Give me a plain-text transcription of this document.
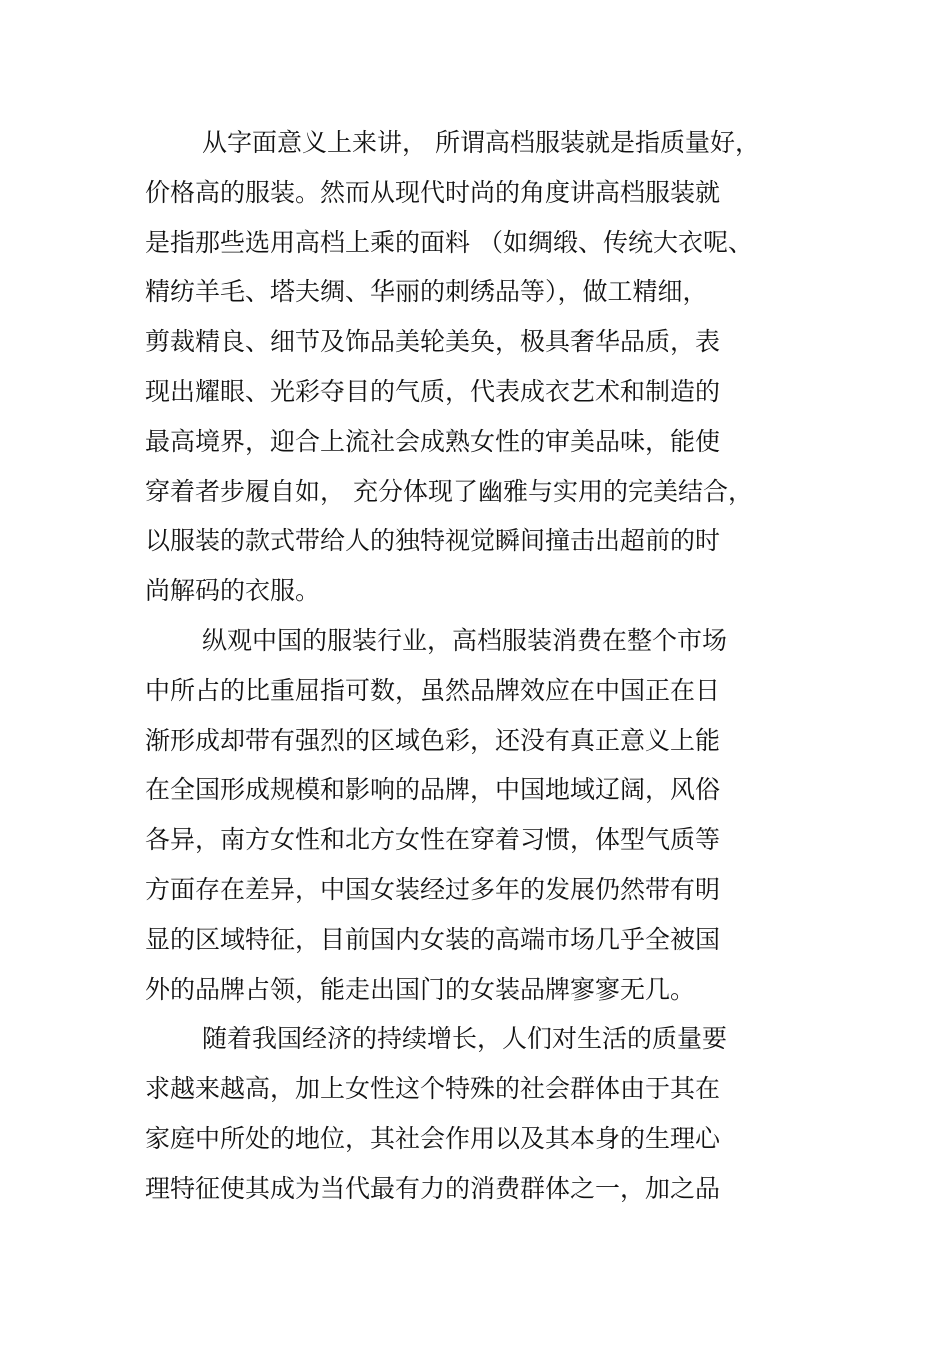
从字面意义上来讲， 所谓高档服装就是指质量好，
价格高的服装。然而从现代时尚的角度讲高档服装就
是指那些选用高档上乘的面料 （如绸缎、传统大衣呢、
精纺羊毛、塔夫绸、华丽的刺绣品等），做工精细，
剪裁精良、细节及饰品美轮美奂，极具奢华品质，表
现出耀眼、光彩夺目的气质，代表成衣艺术和制造的
最高境界，迎合上流社会成熟女性的审美品味，能使
穿着者步履自如， 充分体现了幽雅与实用的完美结合，
以服装的款式带给人的独特视觉瞬间撞击出超前的时
尚解码的衣服。
纵观中国的服装行业，高档服装消费在整个市场
中所占的比重屈指可数，虽然品牌效应在中国正在日
渐形成却带有强烈的区域色彩，还没有真正意义上能
在全国形成规模和影响的品牌，中国地域辽阔，风俗
各异，南方女性和北方女性在穿着习惯，体型气质等
方面存在差异，中国女装经过多年的发展仍然带有明
显的区域特征，目前国内女装的高端市场几乎全被国
外的品牌占领，能走出国门的女装品牌寥寥无几。
随着我国经济的持续增长，人们对生活的质量要
求越来越高，加上女性这个特殊的社会群体由于其在
家庭中所处的地位，其社会作用以及其本身的生理心
理特征使其成为当代最有力的消费群体之一，加之品
